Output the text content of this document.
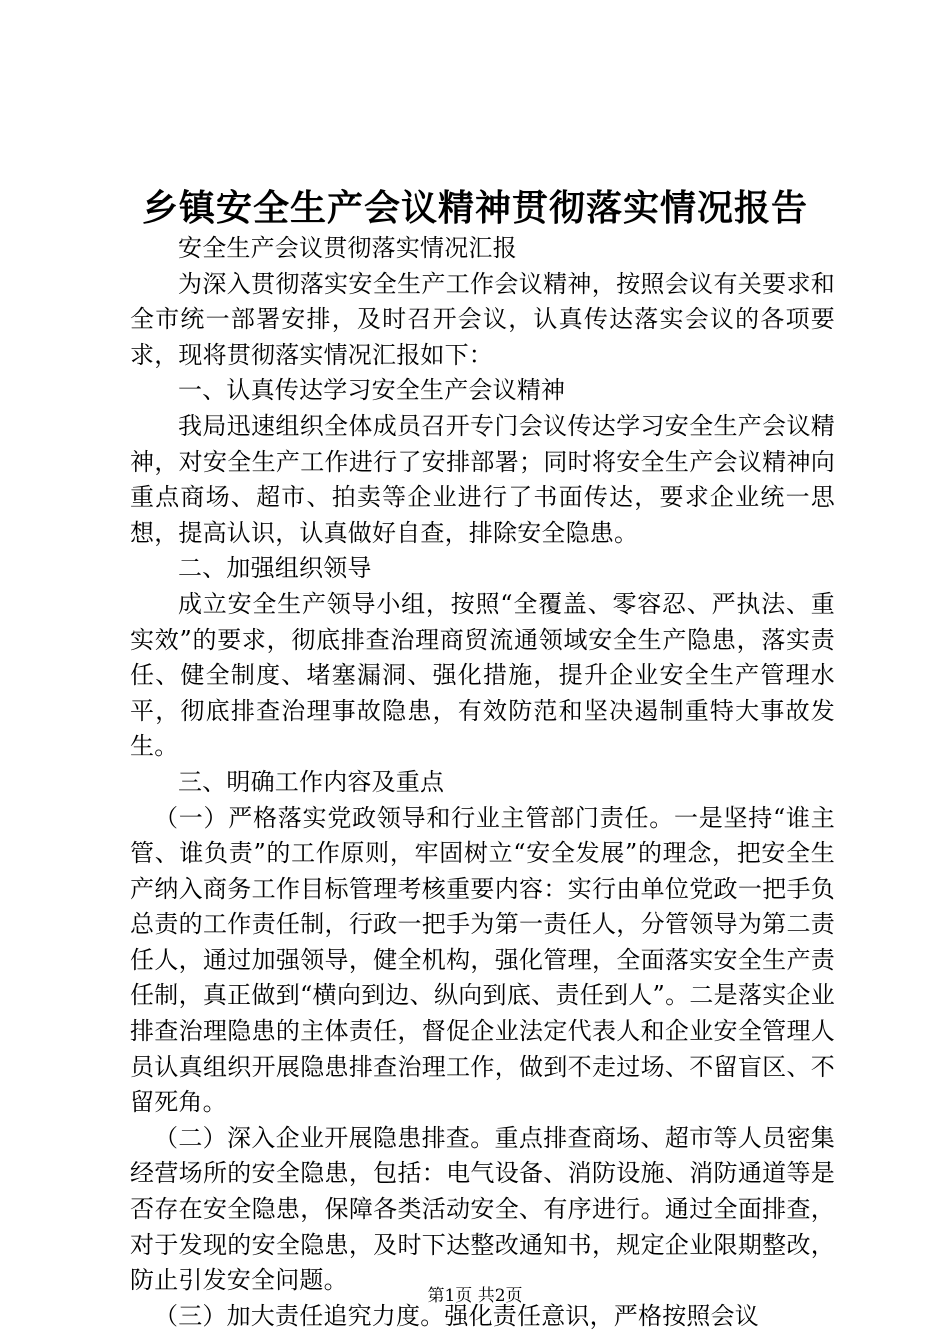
乡镇安全生产会议精神贯彻落实情况报告

安全生产会议贯彻落实情况汇报

为深入贯彻落实安全生产工作会议精神，按照会议有关要求和全市统一部署安排，及时召开会议，认真传达落实会议的各项要求，现将贯彻落实情况汇报如下：

一、认真传达学习安全生产会议精神

我局迅速组织全体成员召开专门会议传达学习安全生产会议精神，对安全生产工作进行了安排部署；同时将安全生产会议精神向重点商场、超市、拍卖等企业进行了书面传达，要求企业统一思想，提高认识，认真做好自查，排除安全隐患。

二、加强组织领导

成立安全生产领导小组，按照“全覆盖、零容忍、严执法、重实效”的要求，彻底排查治理商贸流通领域安全生产隐患，落实责任、健全制度、堵塞漏洞、强化措施，提升企业安全生产管理水平，彻底排查治理事故隐患，有效防范和坚决遏制重特大事故发生。

三、明确工作内容及重点

（一）严格落实党政领导和行业主管部门责任。一是坚持“谁主管、谁负责”的工作原则，牢固树立“安全发展”的理念，把安全生产纳入商务工作目标管理考核重要内容：实行由单位党政一把手负总责的工作责任制，行政一把手为第一责任人，分管领导为第二责任人，通过加强领导，健全机构，强化管理，全面落实安全生产责任制，真正做到“横向到边、纵向到底、责任到人”。二是落实企业排查治理隐患的主体责任，督促企业法定代表人和企业安全管理人员认真组织开展隐患排查治理工作，做到不走过场、不留盲区、不留死角。

（二）深入企业开展隐患排查。重点排查商场、超市等人员密集经营场所的安全隐患，包括：电气设备、消防设施、消防通道等是否存在安全隐患，保障各类活动安全、有序进行。通过全面排查，对于发现的安全隐患，及时下达整改通知书，规定企业限期整改，防止引发安全问题。

（三）加大责任追究力度。强化责任意识，严格按照会议

第1页 共2页
